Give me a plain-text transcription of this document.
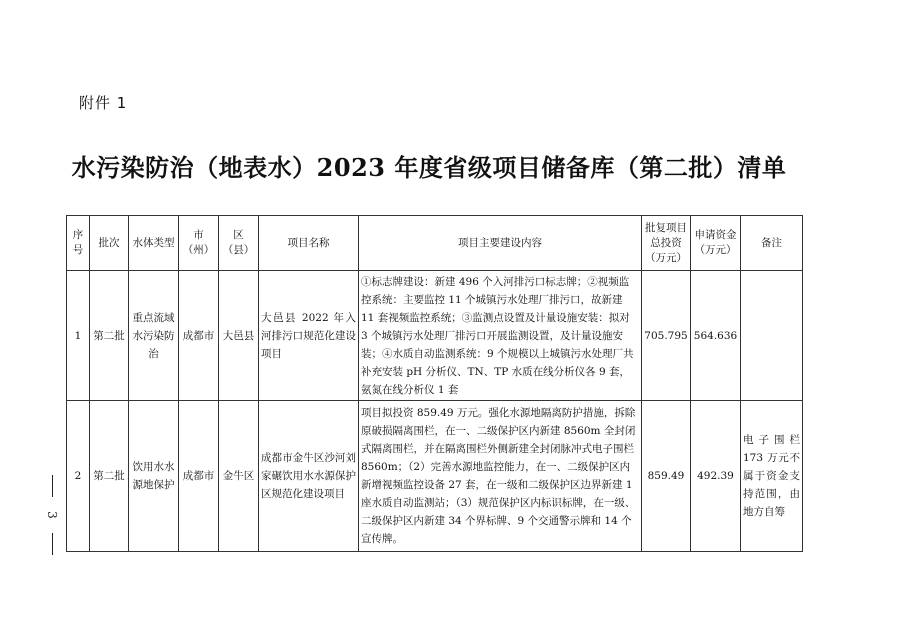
附件 1
水污染防治（地表水）2023 年度省级项目储备库（第二批）清单
3
序号	批次	水体类型	市（州）	区（县）	项目名称	项目主要建设内容	批复项目总投资（万元）	申请资金（万元）	备注
1	第二批	重点流域水污染防治	成都市	大邑县	大邑县 2022 年入河排污口规范化建设项目	①标志牌建设：新建 496 个入河排污口标志牌；②视频监控系统：主要监控 11 个城镇污水处理厂排污口，故新建 11 套视频监控系统；③监测点设置及计量设施安装：拟对 3 个城镇污水处理厂排污口开展监测设置，及计量设施安装；④水质自动监测系统：9 个规模以上城镇污水处理厂共补充安装 pH 分析仪、TN、TP 水质在线分析仪各 9 套，氨氮在线分析仪 1 套	705.795	564.636	
2	第二批	饮用水水源地保护	成都市	金牛区	成都市金牛区沙河刘家碾饮用水水源保护区规范化建设项目	项目拟投资 859.49 万元。强化水源地隔离防护措施，拆除原破损隔离围栏，在一、二级保护区内新建 8560m 全封闭式隔离围栏，并在隔离围栏外侧新建全封闭脉冲式电子围栏 8560m；（2）完善水源地监控能力，在一、二级保护区内新增视频监控设备 27 套，在一级和二级保护区边界新建 1 座水质自动监测站；（3）规范保护区内标识标牌，在一级、二级保护区内新建 34 个界标牌、9 个交通警示牌和 14 个宣传牌。	859.49	492.39	电子围栏 173 万元不属于资金支持范围，由地方自筹
